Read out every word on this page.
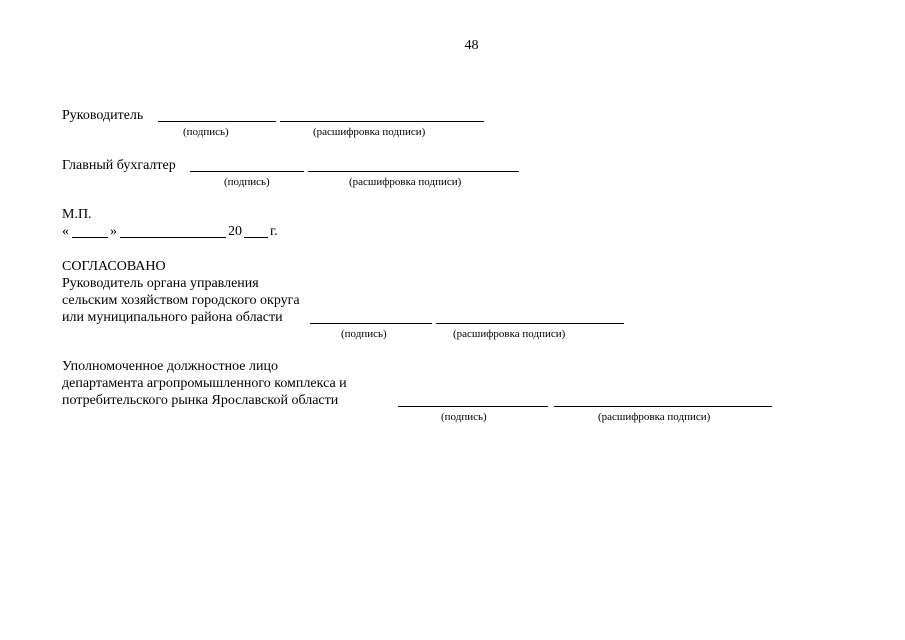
48
Руководитель
(подпись)	(расшифровка подписи)
Главный бухгалтер
(подпись)	(расшифровка подписи)
М.П.
«	»	20 г.
СОГЛАСОВАНО
Руководитель органа управления
сельским хозяйством городского округа
или муниципального района области
(подпись)	(расшифровка подписи)
Уполномоченное должностное лицо
департамента агропромышленного комплекса и
потребительского рынка Ярославской области
(подпись)	(расшифровка подписи)
